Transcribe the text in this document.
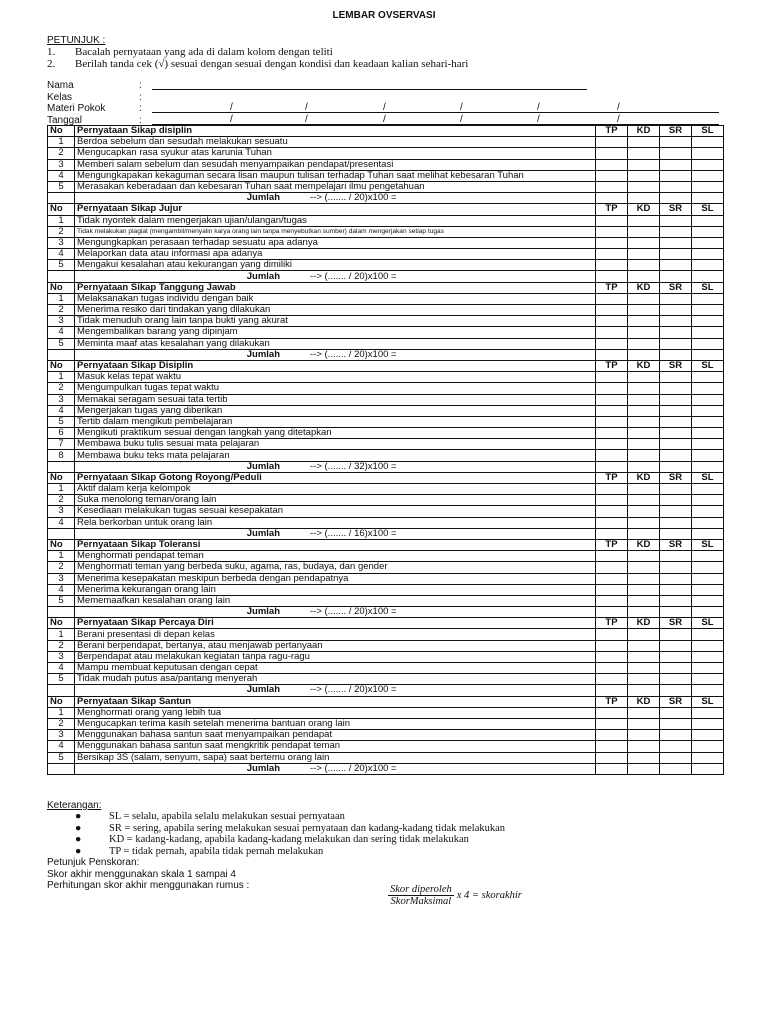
LEMBAR OVSERVASI
PETUNJUK :
1. Bacalah pernyataan yang ada di dalam kolom dengan teliti
2. Berilah tanda cek (√) sesuai dengan sesuai dengan kondisi dan keadaan kalian sehari-hari
Nama	:
Kelas	:
Materi Pokok	:	/	/	/	/	/	/
Tanggal	:	/	/	/	/	/	/
No	Pernyataan Sikap disiplin	TP	KD	SR	SL
1	Berdoa sebelum dan sesudah melakukan sesuatu				
2	Mengucapkan rasa syukur atas karunia Tuhan				
3	Memberi salam sebelum dan sesudah menyampaikan pendapat/presentasi				
4	Mengungkapakan kekaguman secara lisan maupun tulisan terhadap Tuhan saat melihat kebesaran Tuhan				
5	Merasakan keberadaan dan kebesaran Tuhan saat mempelajari ilmu pengetahuan				
	Jumlah --> (....... / 20)x100 =				
No	Pernyataan Sikap Jujur	TP	KD	SR	SL
1	Tidak nyontek dalam mengerjakan ujian/ulangan/tugas				
2	Tidak melakukan plagiat (mengambil/menyalin karya orang lain tanpa menyebutkan sumber) dalam mengerjakan setiap tugas				
3	Mengungkapkan perasaan terhadap sesuatu apa adanya				
4	Melaporkan data atau informasi apa adanya				
5	Mengakui kesalahan atau kekurangan yang dimiliki				
	Jumlah --> (....... / 20)x100 =				
No	Pernyataan Sikap Tanggung Jawab	TP	KD	SR	SL
1	Melaksanakan tugas individu dengan baik				
2	Menerima resiko dari tindakan yang dilakukan				
3	Tidak menuduh orang lain tanpa bukti yang akurat				
4	Mengembalikan barang yang dipinjam				
5	Meminta maaf atas kesalahan yang dilakukan				
	Jumlah --> (....... / 20)x100 =				
No	Pernyataan Sikap Disiplin	TP	KD	SR	SL
1	Masuk kelas tepat waktu				
2	Mengumpulkan tugas tepat waktu				
3	Memakai seragam sesuai tata tertib				
4	Mengerjakan tugas yang diberikan				
5	Tertib dalam mengikuti pembelajaran				
6	Mengikuti praktikum sesuai dengan langkah yang ditetapkan				
7	Membawa buku tulis sesuai mata pelajaran				
8	Membawa buku teks mata pelajaran				
	Jumlah --> (....... / 32)x100 =				
No	Pernyataan Sikap Gotong Royong/Peduli	TP	KD	SR	SL
1	Aktif dalam kerja kelompok				
2	Suka menolong teman/orang lain				
3	Kesediaan melakukan tugas sesuai kesepakatan				
4	Rela berkorban untuk orang lain				
	Jumlah --> (....... / 16)x100 =				
No	Pernyataan Sikap Toleransi	TP	KD	SR	SL
1	Menghormati pendapat teman				
2	Menghormati teman yang berbeda suku, agama, ras, budaya, dan gender				
3	Menerima kesepakatan meskipun berbeda dengan pendapatnya				
4	Menerima kekurangan orang lain				
5	Mememaafkan kesalahan orang lain				
	Jumlah --> (....... / 20)x100 =				
No	Pernyataan Sikap Percaya Diri	TP	KD	SR	SL
1	Berani presentasi di depan kelas				
2	Berani berpendapat, bertanya, atau menjawab pertanyaan				
3	Berpendapat atau melakukan kegiatan tanpa ragu-ragu				
4	Mampu membuat keputusan dengan cepat				
5	Tidak mudah putus asa/pantang menyerah				
	Jumlah --> (....... / 20)x100 =				
No	Pernyataan Sikap Santun	TP	KD	SR	SL
1	Menghormati orang yang lebih tua				
2	Mengucapkan terima kasih setelah menerima bantuan orang lain				
3	Menggunakan bahasa santun saat menyampaikan pendapat				
4	Menggunakan bahasa santun saat mengkritik pendapat teman				
5	Bersikap 3S (salam, senyum, sapa) saat bertemu orang lain				
	Jumlah --> (....... / 20)x100 =				
Keterangan:
●	SL = selalu, apabila selalu melakukan sesuai pernyataan
●	SR = sering, apabila sering melakukan sesuai pernyataan dan kadang-kadang tidak melakukan
●	KD = kadang-kadang, apabila kadang-kadang melakukan dan sering tidak melakukan
●	TP = tidak pernah, apabila tidak pernah melakukan
Petunjuk Penskoran:
Skor akhir menggunakan skala 1 sampai 4
Perhitungan skor akhir menggunakan rumus :	$\frac{\text{Skor diperoleh}}{\text{SkorMaksimal}}$ x 4 = skorakhir
